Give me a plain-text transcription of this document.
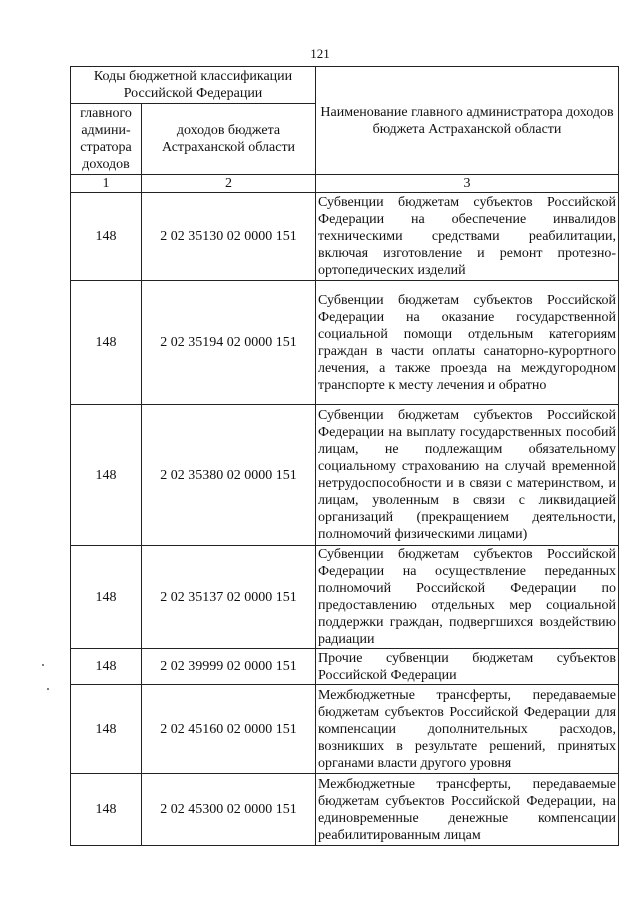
121
Коды бюджетной классификации Российской Федерации		Наименование главного администратора доходов бюджета Астраханской области
главного админи-стратора доходов	доходов бюджета Астраханской области	
1	2	3
148	2 02 35130 02 0000 151	Субвенции бюджетам субъектов Российской Федерации на обеспечение инвалидов техническими средствами реабилитации, включая изготовление и ремонт протезно-ортопедических изделий
148	2 02 35194 02 0000 151	Субвенции бюджетам субъектов Российской Федерации на оказание государственной социальной помощи отдельным категориям граждан в части оплаты санаторно-курортного лечения, а также проезда на междугородном транспорте к месту лечения и обратно
148	2 02 35380 02 0000 151	Субвенции бюджетам субъектов Российской Федерации на выплату государственных пособий лицам, не подлежащим обязательному социальному страхованию на случай временной нетрудоспособности и в связи с материнством, и лицам, уволенным в связи с ликвидацией организаций (прекращением деятельности, полномочий физическими лицами)
148	2 02 35137 02 0000 151	Субвенции бюджетам субъектов Российской Федерации на осуществление переданных полномочий Российской Федерации по предоставлению отдельных мер социальной поддержки граждан, подвергшихся воздействию радиации
148	2 02 39999 02 0000 151	Прочие субвенции бюджетам субъектов Российской Федерации
148	2 02 45160 02 0000 151	Межбюджетные трансферты, передаваемые бюджетам субъектов Российской Федерации для компенсации дополнительных расходов, возникших в результате решений, принятых органами власти другого уровня
148	2 02 45300 02 0000 151	Межбюджетные трансферты, передаваемые бюджетам субъектов Российской Федерации, на единовременные денежные компенсации реабилитированным лицам
